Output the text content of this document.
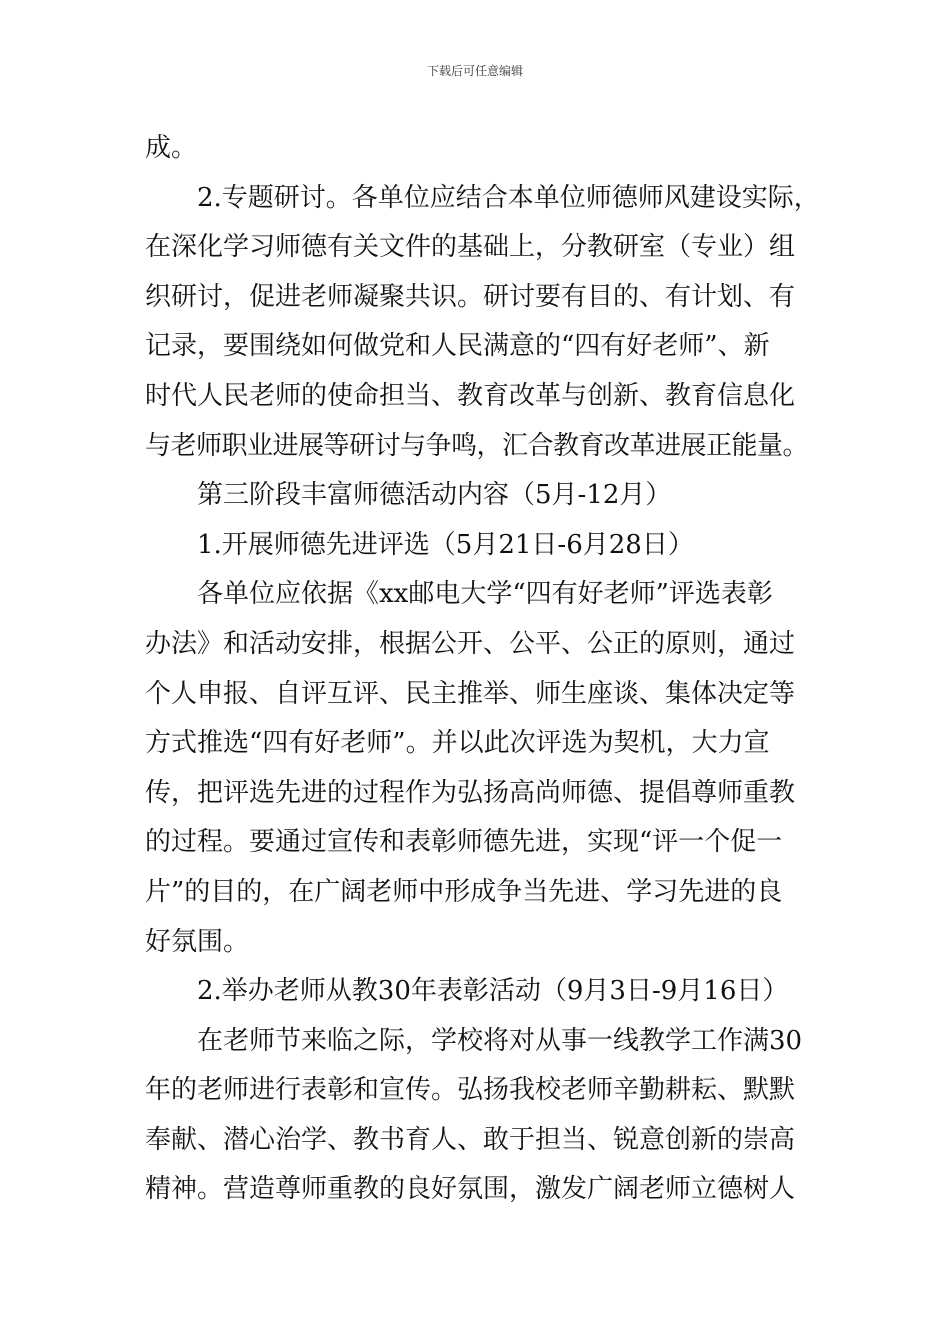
下载后可任意编辑
成。
2.专题研讨。各单位应结合本单位师德师风建设实际，
在深化学习师德有关文件的基础上，分教研室（专业）组
织研讨，促进老师凝聚共识。研讨要有目的、有计划、有
记录，要围绕如何做党和人民满意的“四有好老师”、新
时代人民老师的使命担当、教育改革与创新、教育信息化
与老师职业进展等研讨与争鸣，汇合教育改革进展正能量。
第三阶段丰富师德活动内容（5月-12月）
1.开展师德先进评选（5月21日-6月28日）
各单位应依据《xx邮电大学“四有好老师”评选表彰
办法》和活动安排，根据公开、公平、公正的原则，通过
个人申报、自评互评、民主推举、师生座谈、集体决定等
方式推选“四有好老师”。并以此次评选为契机，大力宣
传，把评选先进的过程作为弘扬高尚师德、提倡尊师重教
的过程。要通过宣传和表彰师德先进，实现“评一个促一
片”的目的，在广阔老师中形成争当先进、学习先进的良
好氛围。
2.举办老师从教30年表彰活动（9月3日-9月16日）
在老师节来临之际，学校将对从事一线教学工作满30
年的老师进行表彰和宣传。弘扬我校老师辛勤耕耘、默默
奉献、潜心治学、教书育人、敢于担当、锐意创新的崇高
精神。营造尊师重教的良好氛围，激发广阔老师立德树人
